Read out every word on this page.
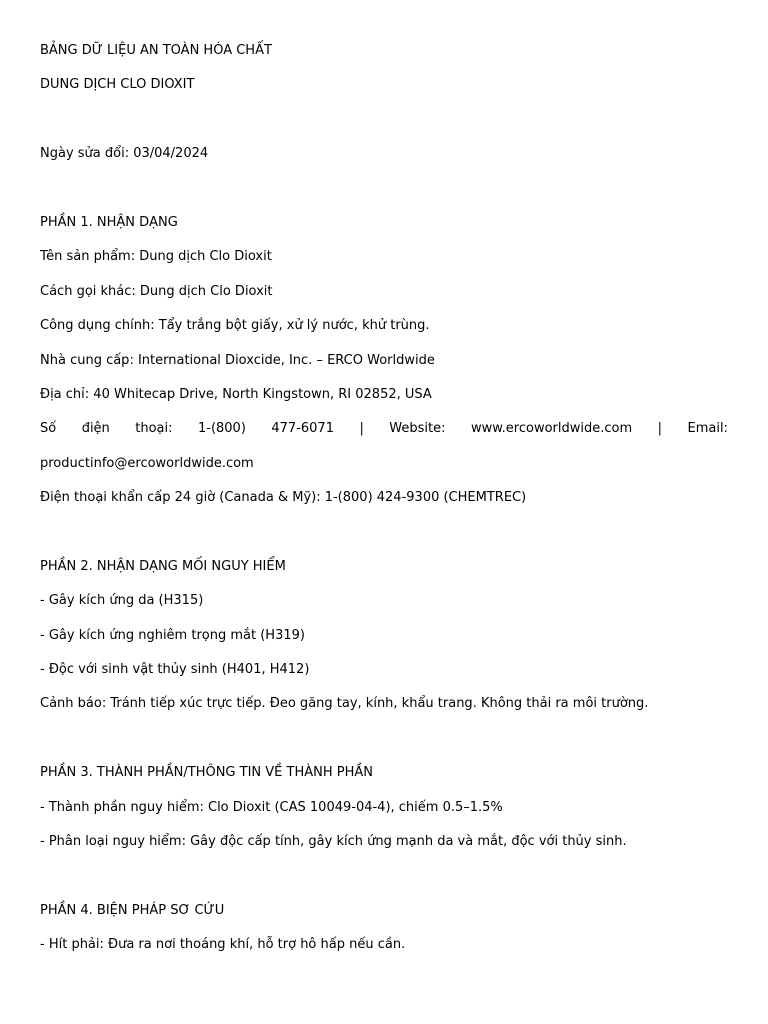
BẢNG DỮ LIỆU AN TOÀN HÓA CHẤT
DUNG DỊCH CLO DIOXIT
Ngày sửa đổi: 03/04/2024
PHẦN 1. NHẬN DẠNG
Tên sản phẩm: Dung dịch Clo Dioxit
Cách gọi khác: Dung dịch Clo Dioxit
Công dụng chính: Tẩy trắng bột giấy, xử lý nước, khử trùng.
Nhà cung cấp: International Dioxcide, Inc. – ERCO Worldwide
Địa chỉ: 40 Whitecap Drive, North Kingstown, RI 02852, USA
Số điện thoại: 1-(800) 477-6071 | Website: www.ercoworldwide.com | Email:
productinfo@ercoworldwide.com
Điện thoại khẩn cấp 24 giờ (Canada & Mỹ): 1-(800) 424-9300 (CHEMTREC)
PHẦN 2. NHẬN DẠNG MỐI NGUY HIỂM
- Gây kích ứng da (H315)
- Gây kích ứng nghiêm trọng mắt (H319)
- Độc với sinh vật thủy sinh (H401, H412)
Cảnh báo: Tránh tiếp xúc trực tiếp. Đeo găng tay, kính, khẩu trang. Không thải ra môi trường.
PHẦN 3. THÀNH PHẦN/THÔNG TIN VỀ THÀNH PHẦN
- Thành phần nguy hiểm: Clo Dioxit (CAS 10049-04-4), chiếm 0.5–1.5%
- Phân loại nguy hiểm: Gây độc cấp tính, gây kích ứng mạnh da và mắt, độc với thủy sinh.
PHẦN 4. BIỆN PHÁP SƠ CỨU
- Hít phải: Đưa ra nơi thoáng khí, hỗ trợ hô hấp nếu cần.
